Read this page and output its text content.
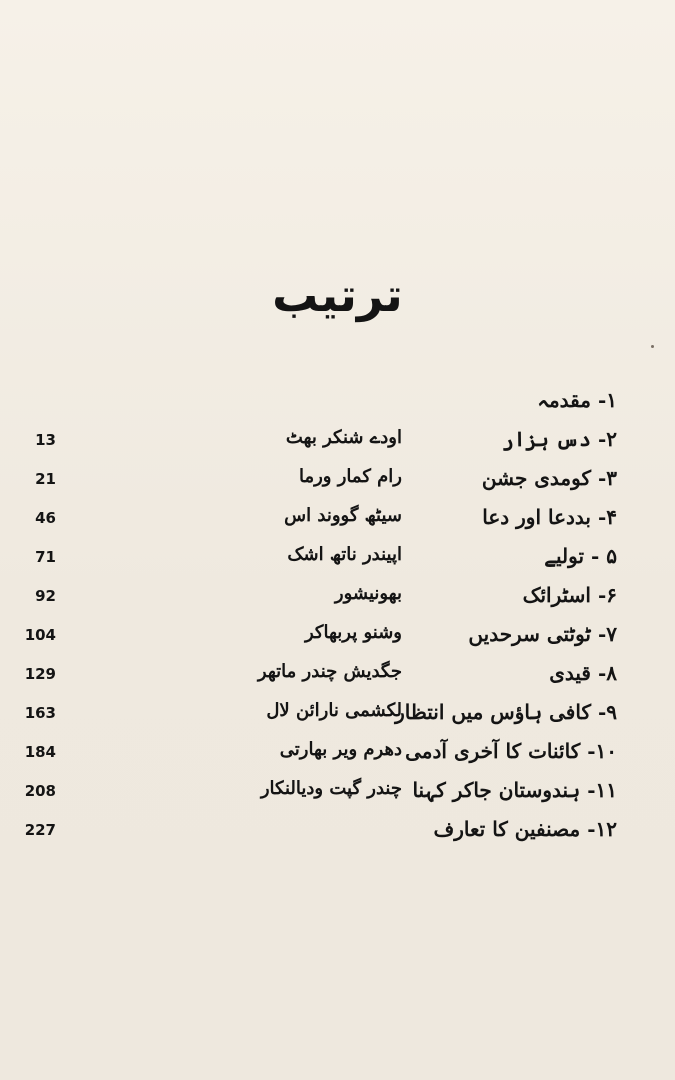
ترتیب
۱- مقدمہ
۲- دس ہزار
اودے شنکر بھٹ
13
۳- کومدی جشن
رام کمار ورما
21
۴- بددعا اور دعا
سیٹھ گووند اس
46
۵ - تولیے
اپیندر ناتھ اشک
71
۶- اسٹرائک
بھونیشور
92
۷- ٹوٹتی سرحدیں
وشنو پربھاکر
104
۸- قیدی
جگدیش چندر ماتھر
129
۹- کافی ہاؤس میں انتظار
لکشمی نارائن لال
163
۱۰- کائنات کا آخری آدمی
دھرم ویر بھارتی
184
۱۱- ہندوستان جاکر کہنا
چندر گپت ودیالنکار
208
۱۲- مصنفین کا تعارف
227
